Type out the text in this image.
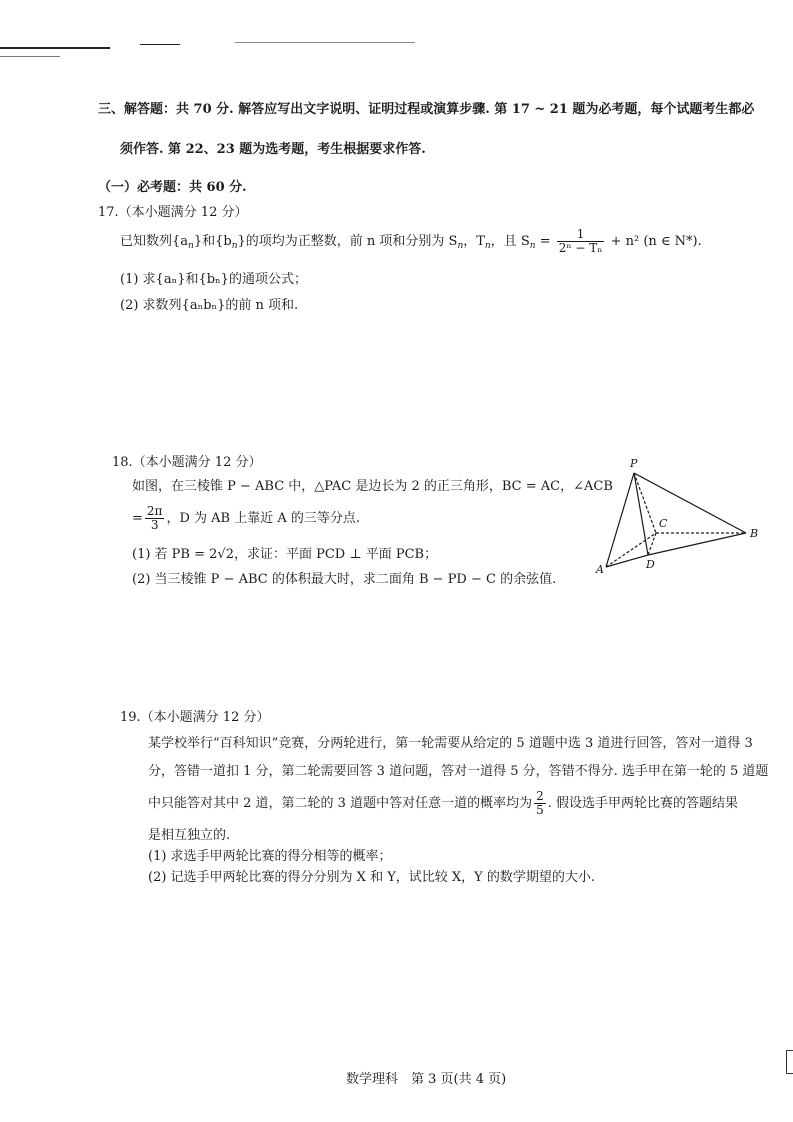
三、解答题：共 70 分. 解答应写出文字说明、证明过程或演算步骤. 第 17 ~ 21 题为必考题，每个试题考生都必
须作答. 第 22、23 题为选考题，考生根据要求作答.
（一）必考题：共 60 分.
17.（本小题满分 12 分）
已知数列$\{a_n\}$和$\{b_n\}$的项均为正整数，前 n 项和分别为 $S_n$，$T_n$，且 $S_n = \frac{1}{\text{2ⁿ − Tₙ}} + n^2$ (n ∈ N*).
(1) 求{aₙ}和{bₙ}的通项公式；
(2) 求数列{aₙbₙ}的前 n 项和.
18.（本小题满分 12 分）
如图，在三棱锥 P − ABC 中，△PAC 是边长为 2 的正三角形，BC = AC，∠ACB
= $\frac{2\pi}{3}$ ，D 为 AB 上靠近 A 的三等分点.
(1) 若 PB = 2√2，求证：平面 PCD ⊥ 平面 PCB；
(2) 当三棱锥 P − ABC 的体积最大时，求二面角 B − PD − C 的余弦值.
P
A
B
C
D
19.（本小题满分 12 分）
某学校举行“百科知识”竞赛，分两轮进行，第一轮需要从给定的 5 道题中选 3 道进行回答，答对一道得 3
分，答错一道扣 1 分，第二轮需要回答 3 道问题，答对一道得 5 分，答错不得分. 选手甲在第一轮的 5 道题
中只能答对其中 2 道，第二轮的 3 道题中答对任意一道的概率均为 $\frac{2}{5}$ . 假设选手甲两轮比赛的答题结果
是相互独立的.
(1) 求选手甲两轮比赛的得分相等的概率；
(2) 记选手甲两轮比赛的得分分别为 X 和 Y，试比较 X，Y 的数学期望的大小.
数学理科　第 3 页(共 4 页)
